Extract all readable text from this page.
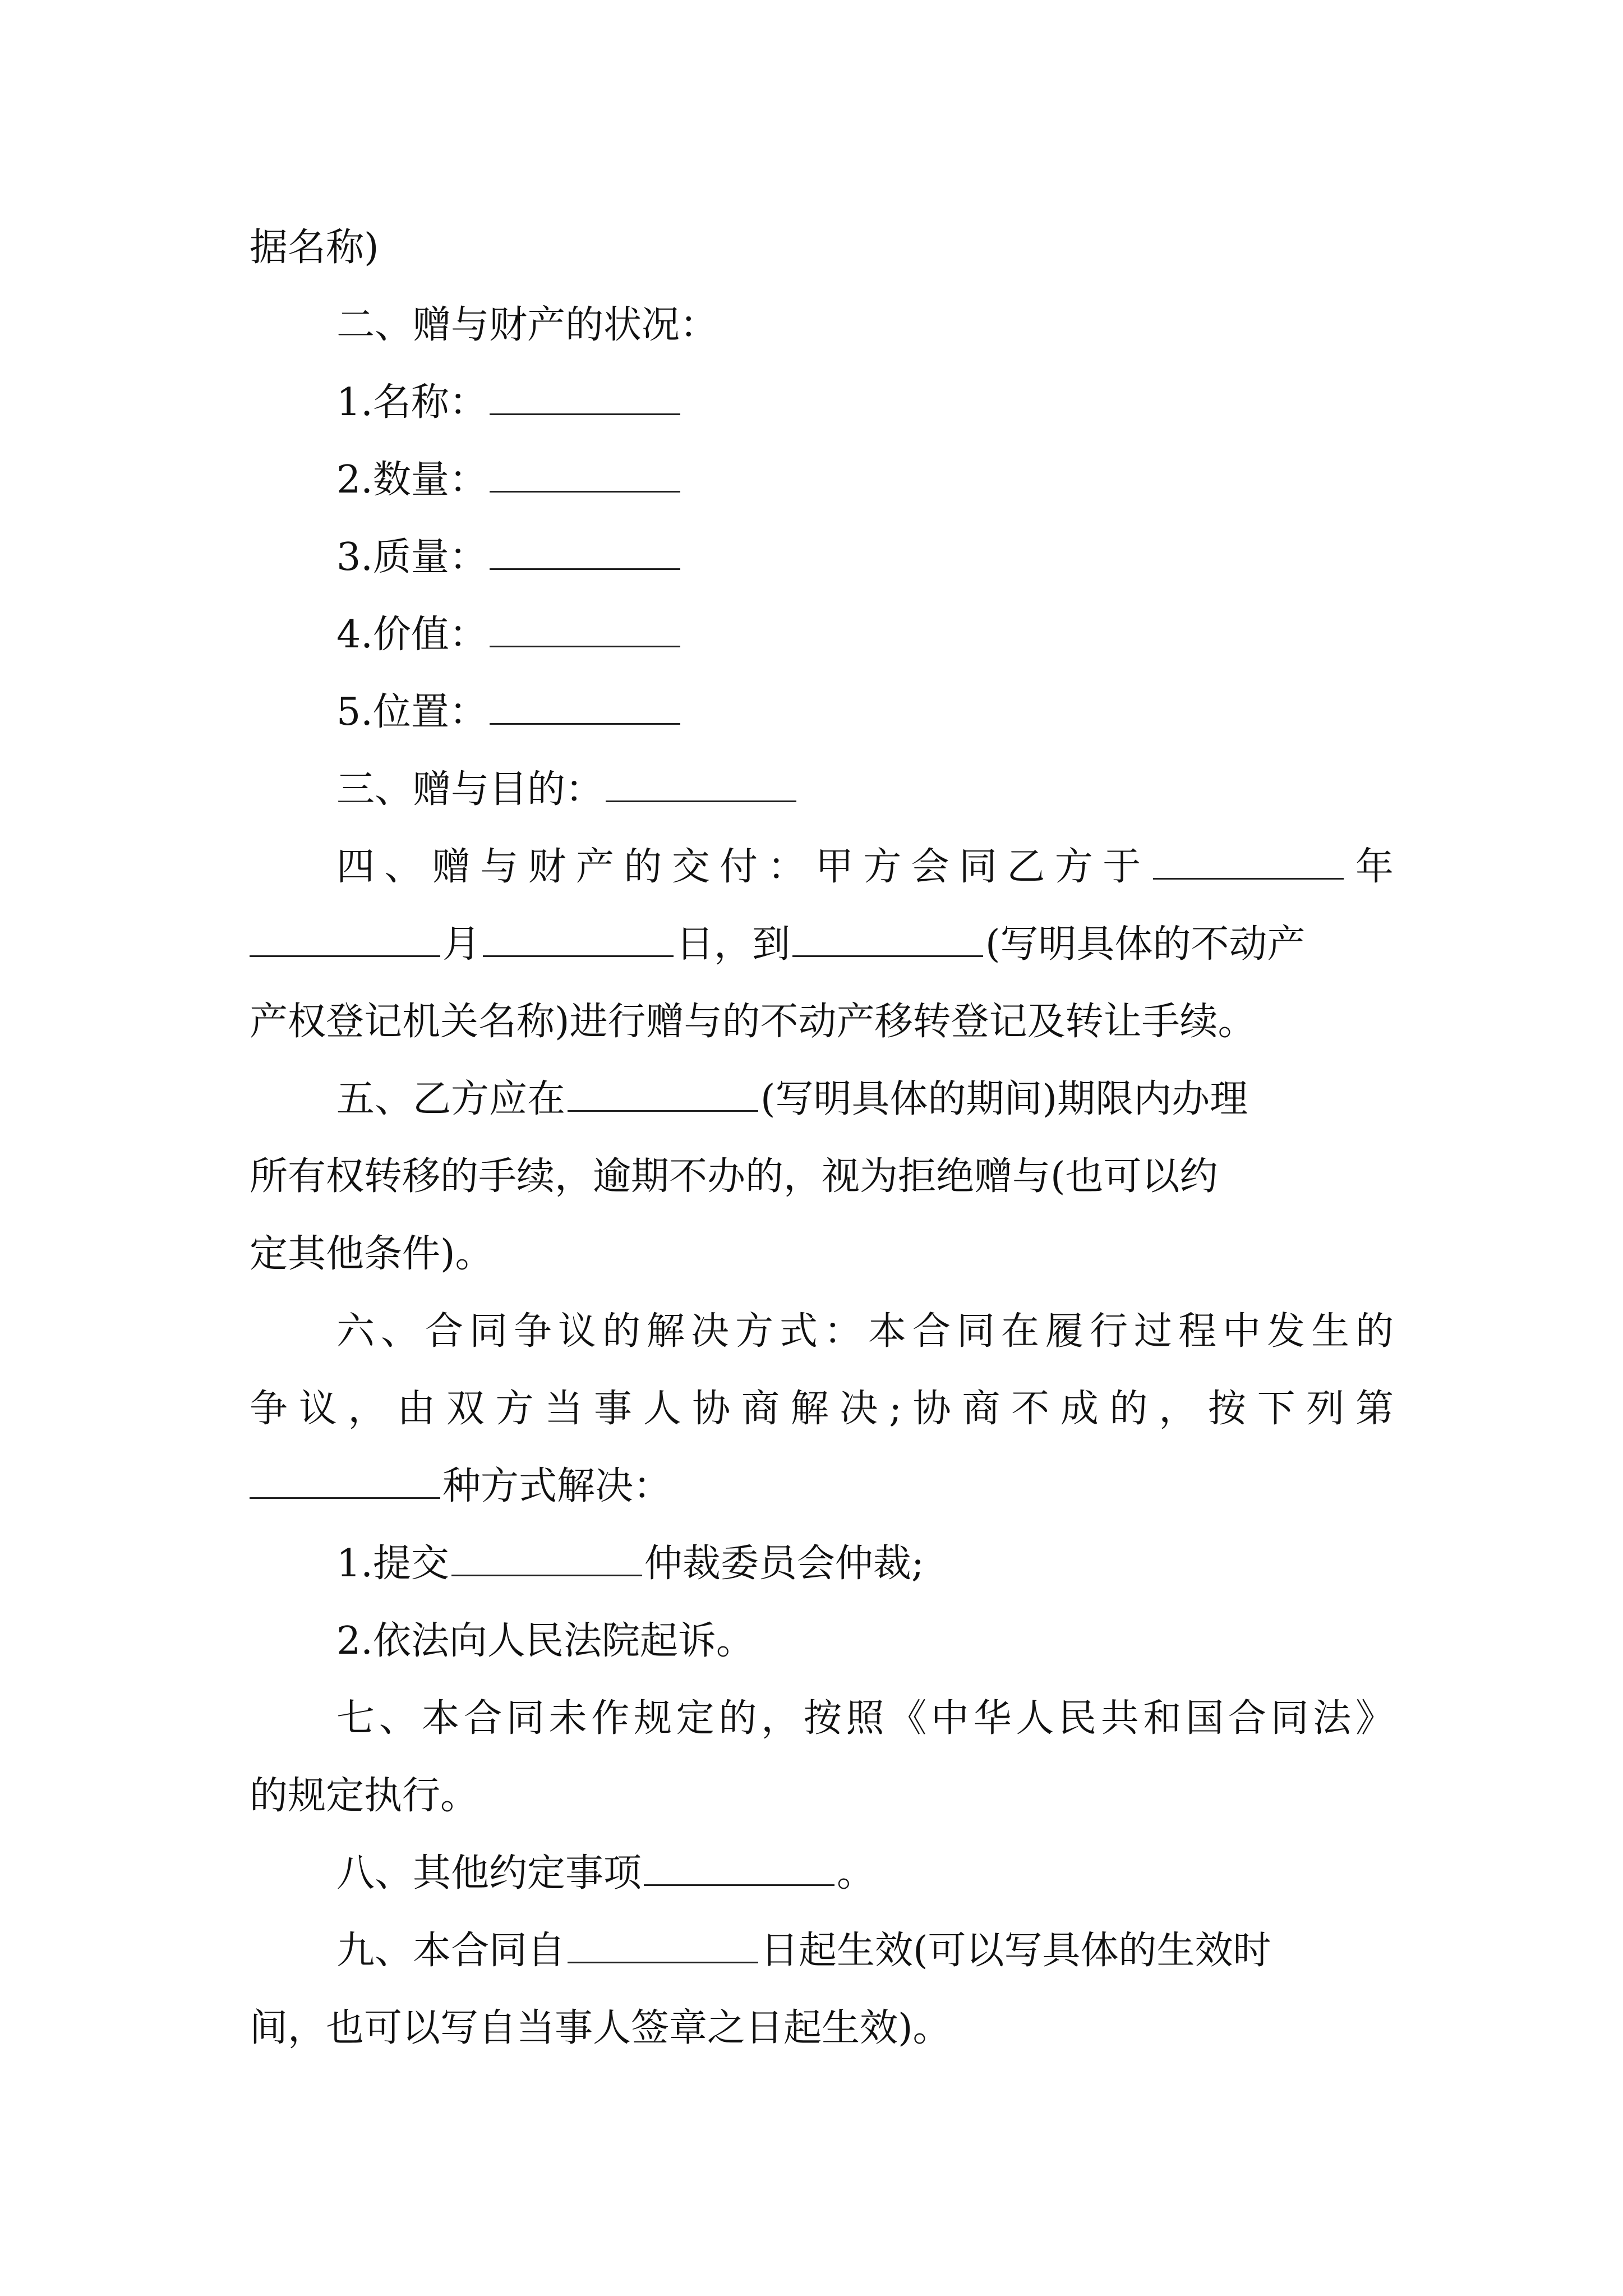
据名称)
二、赠与财产的状况：
1.名称：
2.数量：
3.质量：
4.价值：
5.位置：
三、赠与目的：
四、赠与财产的交付：甲方会同乙方于	年
月	日，到	(写明具体的不动产
产权登记机关名称)进行赠与的不动产移转登记及转让手续。
五、乙方应在	(写明具体的期间)期限内办理
所有权转移的手续，逾期不办的，视为拒绝赠与(也可以约
定其他条件)。
六、合同争议的解决方式：本合同在履行过程中发生的
争议，由双方当事人协商解决;协商不成的，按下列第
种方式解决：
1.提交	仲裁委员会仲裁;
2.依法向人民法院起诉。
七、本合同未作规定的，按照《中华人民共和国合同法》
的规定执行。
八、其他约定事项	。
九、本合同自	日起生效(可以写具体的生效时
间，也可以写自当事人签章之日起生效)。
